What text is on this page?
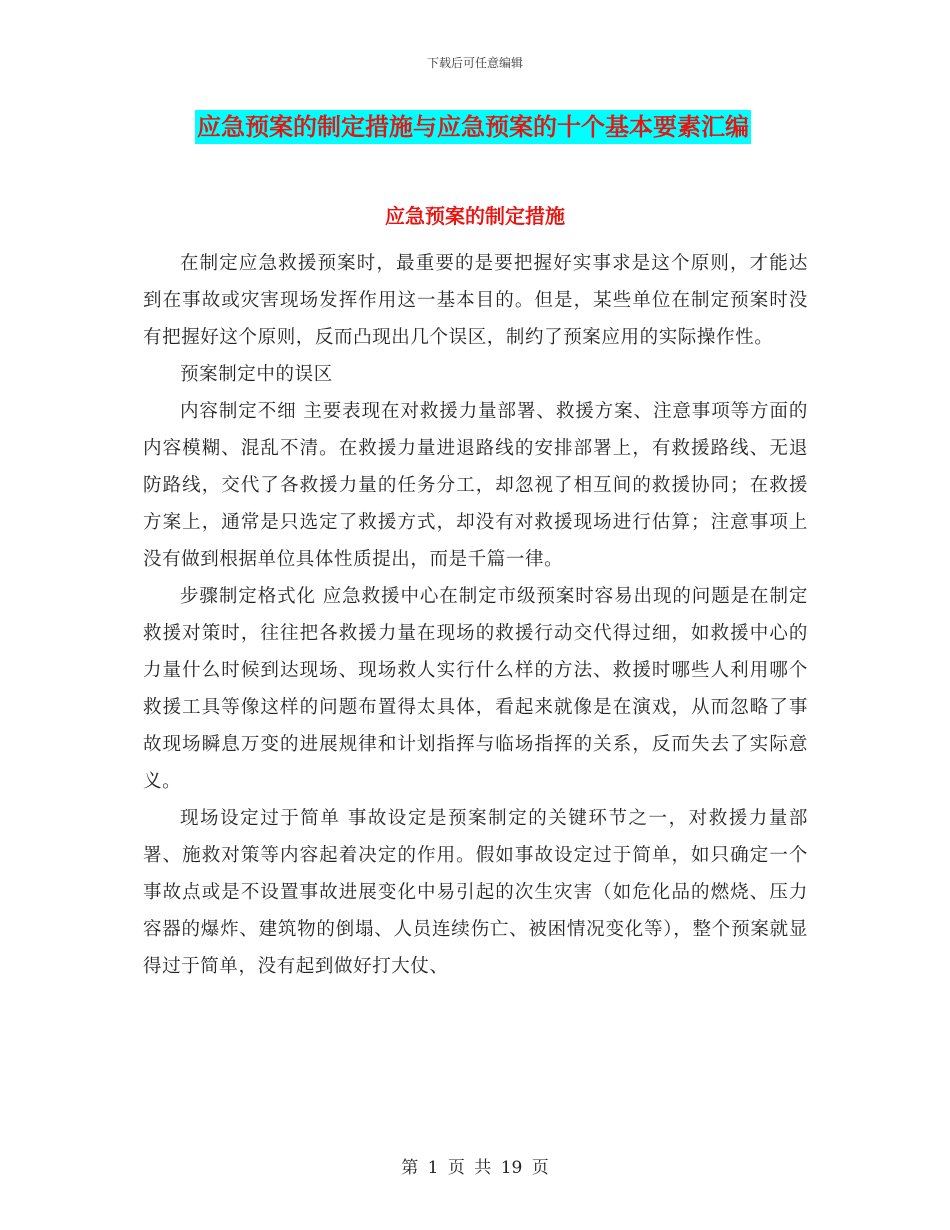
下载后可任意编辑
应急预案的制定措施与应急预案的十个基本要素汇编
应急预案的制定措施

在制定应急救援预案时，最重要的是要把握好实事求是这个原则，才能达到在事故或灾害现场发挥作用这一基本目的。但是，某些单位在制定预案时没有把握好这个原则，反而凸现出几个误区，制约了预案应用的实际操作性。

预案制定中的误区

内容制定不细 主要表现在对救援力量部署、救援方案、注意事项等方面的内容模糊、混乱不清。在救援力量进退路线的安排部署上，有救援路线、无退防路线，交代了各救援力量的任务分工，却忽视了相互间的救援协同；在救援方案上，通常是只选定了救援方式，却没有对救援现场进行估算；注意事项上没有做到根据单位具体性质提出，而是千篇一律。

步骤制定格式化 应急救援中心在制定市级预案时容易出现的问题是在制定救援对策时，往往把各救援力量在现场的救援行动交代得过细，如救援中心的力量什么时候到达现场、现场救人实行什么样的方法、救援时哪些人利用哪个救援工具等像这样的问题布置得太具体，看起来就像是在演戏，从而忽略了事故现场瞬息万变的进展规律和计划指挥与临场指挥的关系，反而失去了实际意义。

现场设定过于简单 事故设定是预案制定的关键环节之一，对救援力量部署、施救对策等内容起着决定的作用。假如事故设定过于简单，如只确定一个事故点或是不设置事故进展变化中易引起的次生灾害（如危化品的燃烧、压力容器的爆炸、建筑物的倒塌、人员连续伤亡、被困情况变化等），整个预案就显得过于简单，没有起到做好打大仗、

第 1 页 共 19 页
